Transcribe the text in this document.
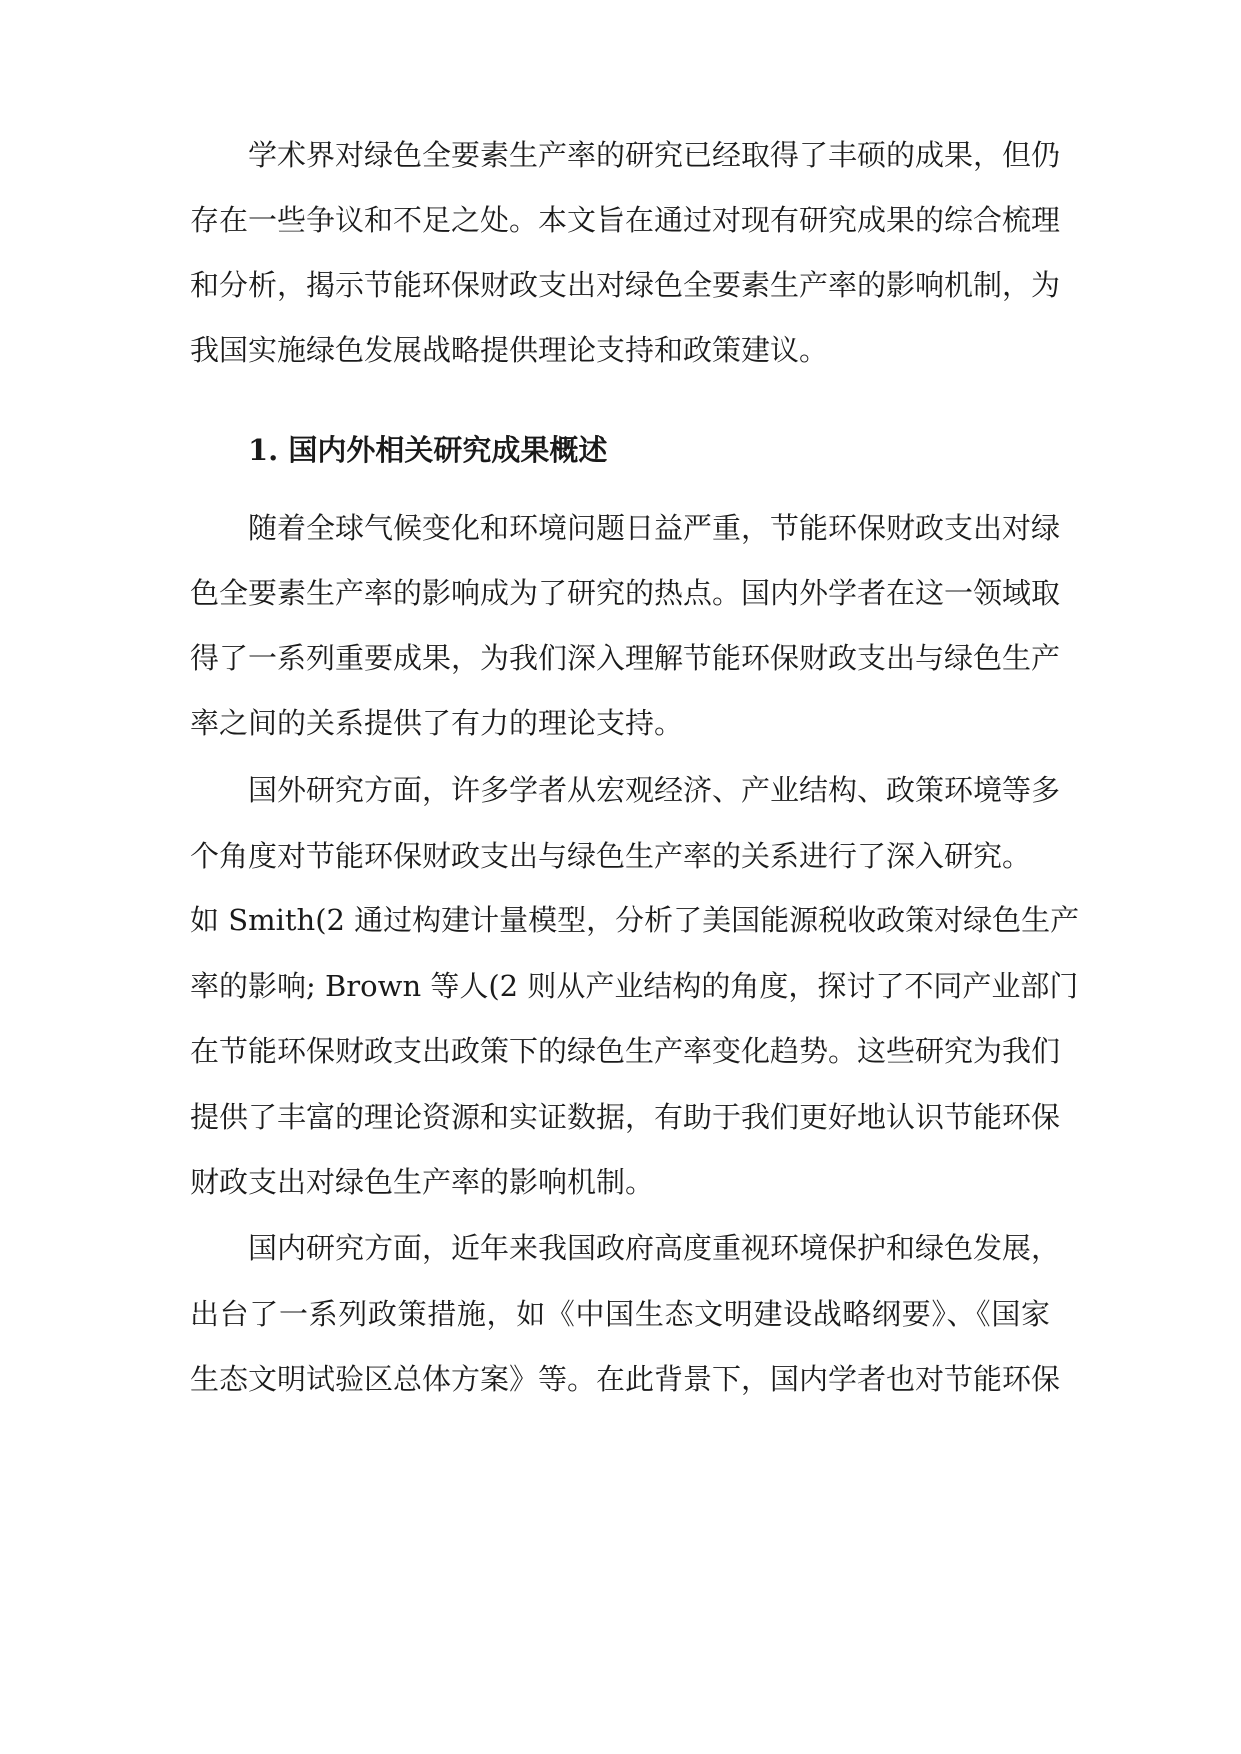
学术界对绿色全要素生产率的研究已经取得了丰硕的成果，但仍
存在一些争议和不足之处。本文旨在通过对现有研究成果的综合梳理
和分析，揭示节能环保财政支出对绿色全要素生产率的影响机制，为
我国实施绿色发展战略提供理论支持和政策建议。
1. 国内外相关研究成果概述
随着全球气候变化和环境问题日益严重，节能环保财政支出对绿
色全要素生产率的影响成为了研究的热点。国内外学者在这一领域取
得了一系列重要成果，为我们深入理解节能环保财政支出与绿色生产
率之间的关系提供了有力的理论支持。
国外研究方面，许多学者从宏观经济、产业结构、政策环境等多
个角度对节能环保财政支出与绿色生产率的关系进行了深入研究。
如 Smith(2 通过构建计量模型，分析了美国能源税收政策对绿色生产
率的影响; Brown 等人(2 则从产业结构的角度，探讨了不同产业部门
在节能环保财政支出政策下的绿色生产率变化趋势。这些研究为我们
提供了丰富的理论资源和实证数据，有助于我们更好地认识节能环保
财政支出对绿色生产率的影响机制。
国内研究方面，近年来我国政府高度重视环境保护和绿色发展，
出台了一系列政策措施，如《中国生态文明建设战略纲要》、《国家
生态文明试验区总体方案》等。在此背景下，国内学者也对节能环保
